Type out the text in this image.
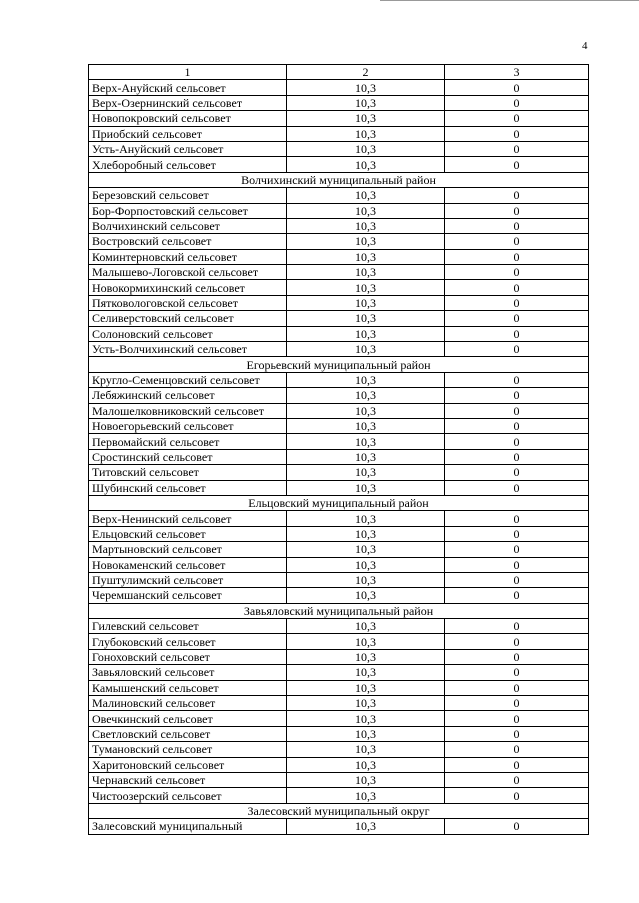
4
1	2	3
Верх-Ануйский сельсовет	10,3	0
Верх-Озернинский сельсовет	10,3	0
Новопокровский сельсовет	10,3	0
Приобский сельсовет	10,3	0
Усть-Ануйский сельсовет	10,3	0
Хлеборобный сельсовет	10,3	0
Волчихинский муниципальный район		
Березовский сельсовет	10,3	0
Бор-Форпостовский сельсовет	10,3	0
Волчихинский сельсовет	10,3	0
Востровский сельсовет	10,3	0
Коминтерновский сельсовет	10,3	0
Малышево-Логовской сельсовет	10,3	0
Новокормихинский сельсовет	10,3	0
Пятковологовской сельсовет	10,3	0
Селиверстовский сельсовет	10,3	0
Солоновский сельсовет	10,3	0
Усть-Волчихинский сельсовет	10,3	0
Егорьевский муниципальный район		
Кругло-Семенцовский сельсовет	10,3	0
Лебяжинский сельсовет	10,3	0
Малошелковниковский сельсовет	10,3	0
Новоегорьевский сельсовет	10,3	0
Первомайский сельсовет	10,3	0
Сростинский сельсовет	10,3	0
Титовский сельсовет	10,3	0
Шубинский сельсовет	10,3	0
Ельцовский муниципальный район		
Верх-Ненинский сельсовет	10,3	0
Ельцовский сельсовет	10,3	0
Мартыновский сельсовет	10,3	0
Новокаменский сельсовет	10,3	0
Пуштулимский сельсовет	10,3	0
Черемшанский сельсовет	10,3	0
Завьяловский муниципальный район		
Гилевский сельсовет	10,3	0
Глубоковский сельсовет	10,3	0
Гоноховский сельсовет	10,3	0
Завьяловский сельсовет	10,3	0
Камышенский сельсовет	10,3	0
Малиновский сельсовет	10,3	0
Овечкинский сельсовет	10,3	0
Светловский сельсовет	10,3	0
Тумановский сельсовет	10,3	0
Харитоновский сельсовет	10,3	0
Чернавский сельсовет	10,3	0
Чистоозерский сельсовет	10,3	0
Залесовский муниципальный округ		
Залесовский муниципальный	10,3	0
